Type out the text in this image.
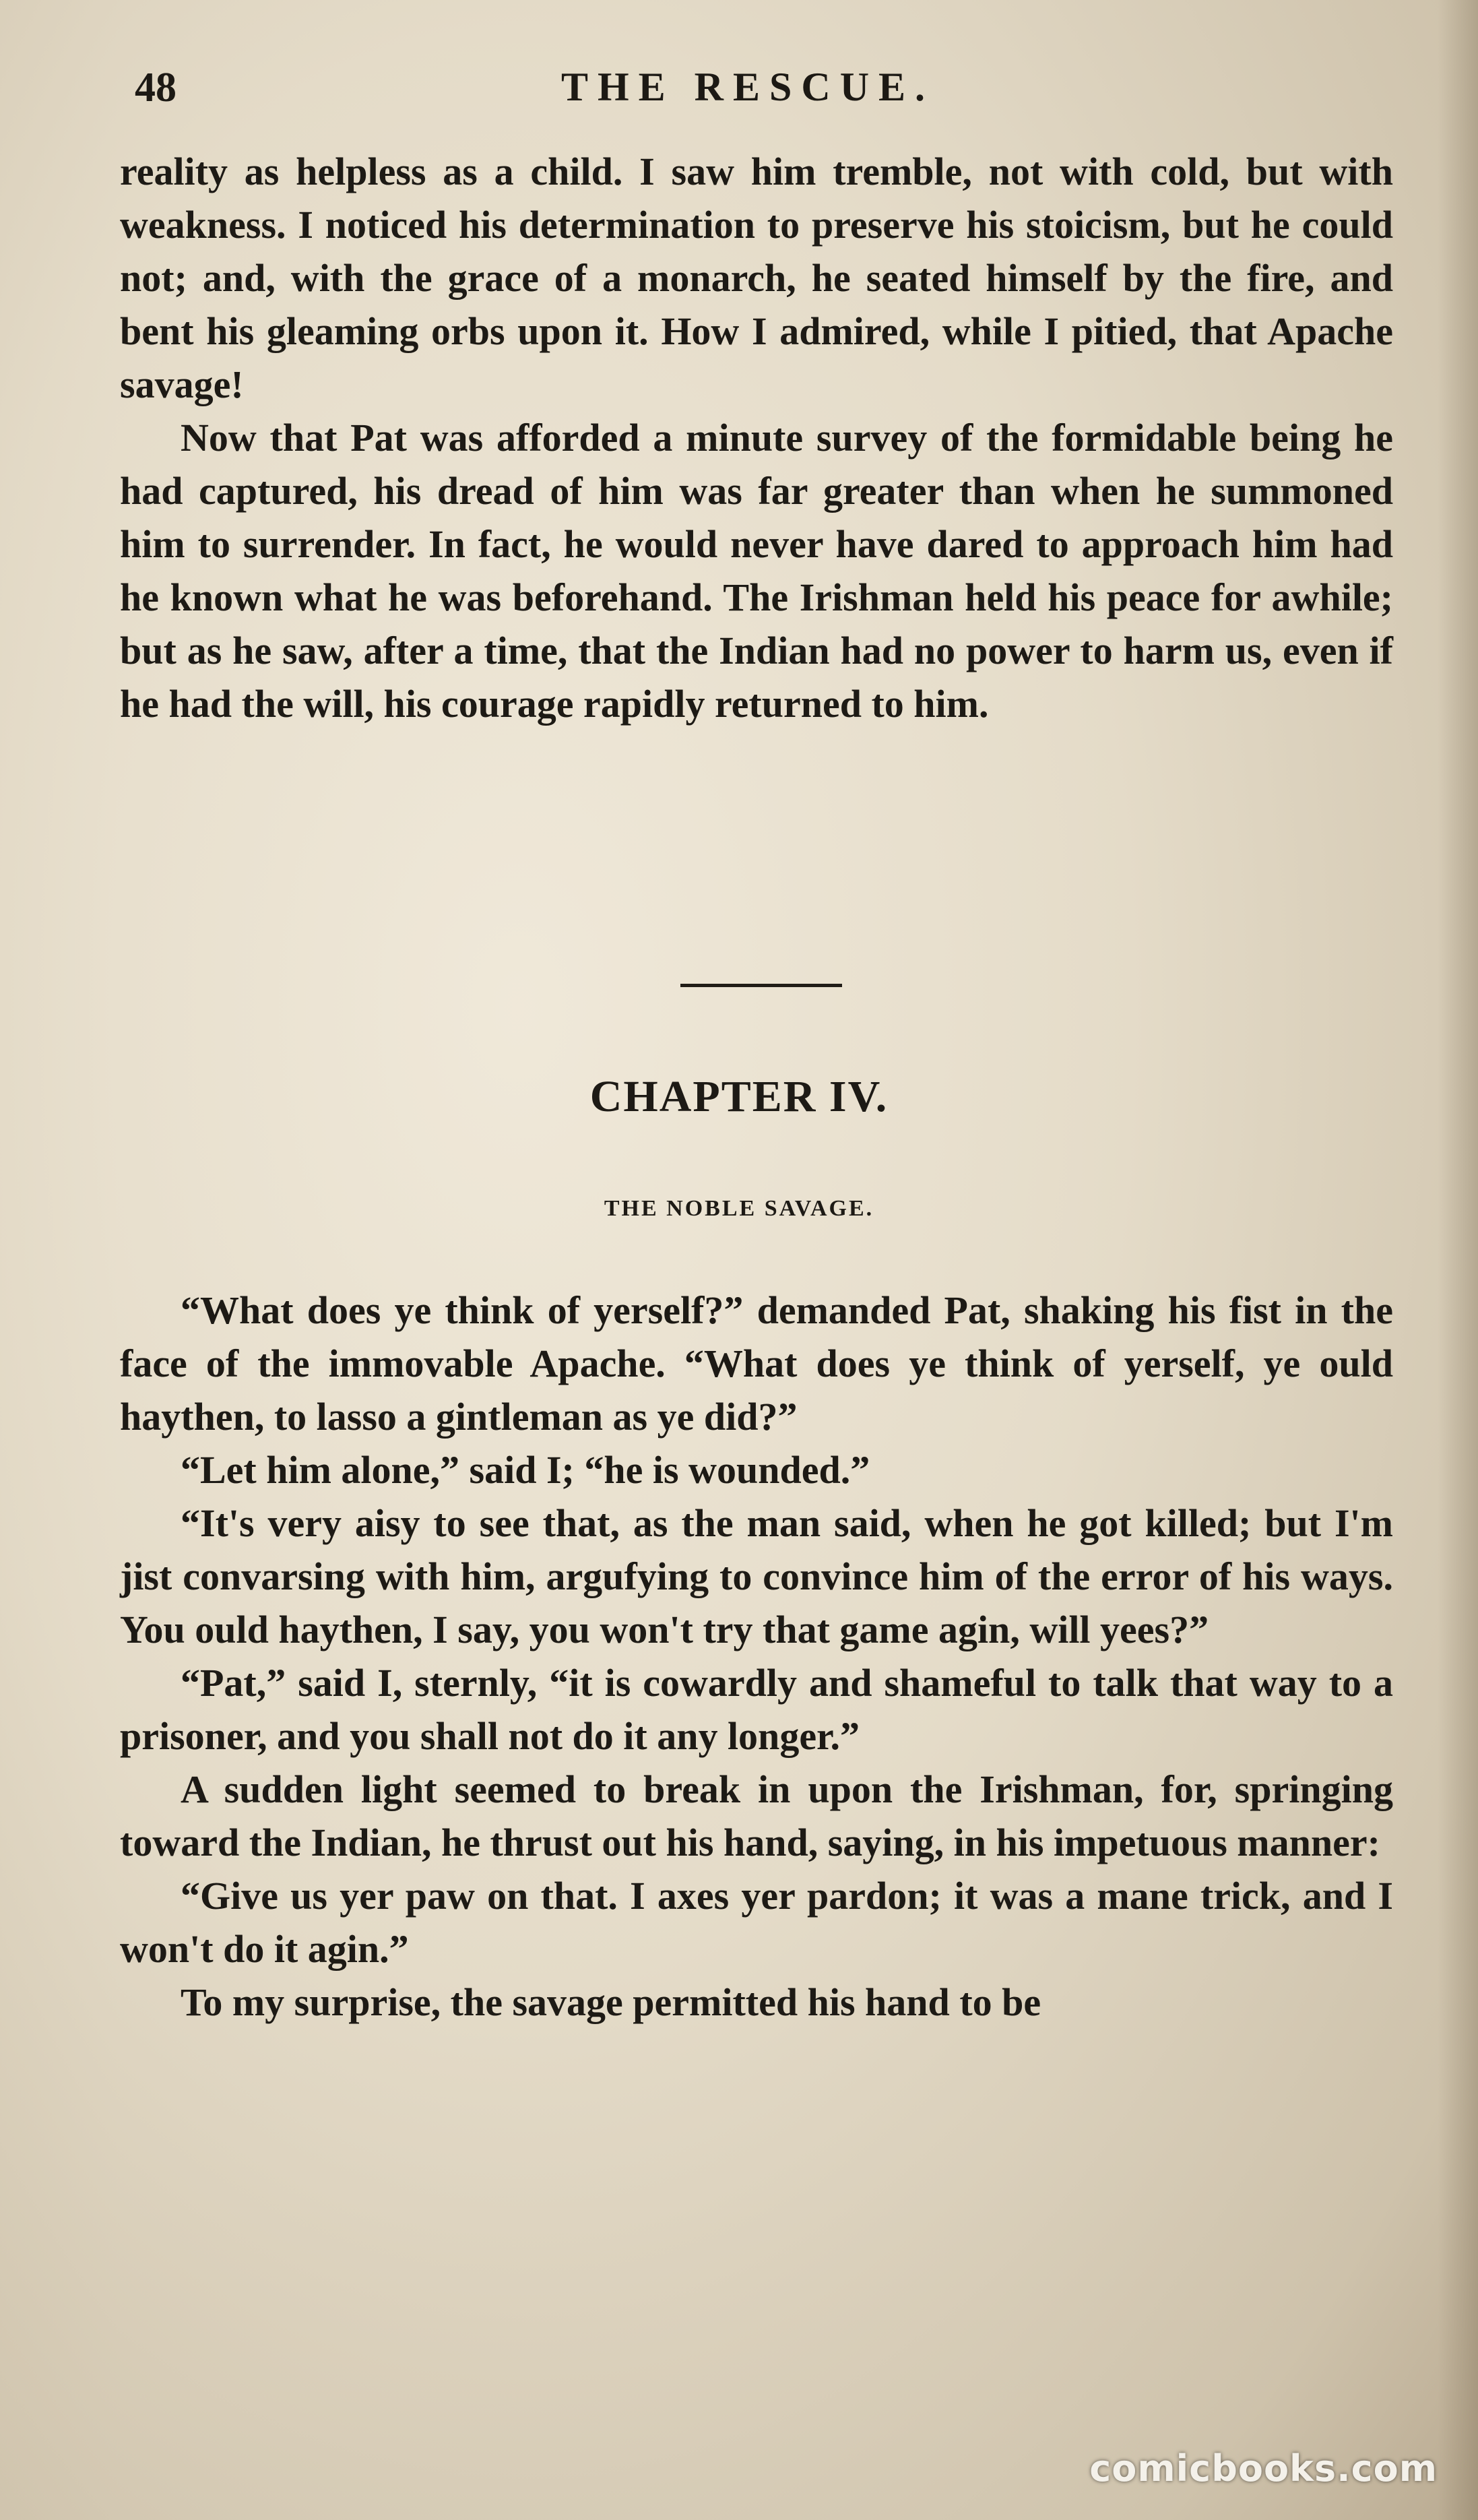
48	THE RESCUE.

reality as helpless as a child. I saw him tremble, not with cold, but with weakness. I noticed his determination to preserve his stoicism, but he could not; and, with the grace of a monarch, he seated himself by the fire, and bent his gleaming orbs upon it. How I admired, while I pitied, that Apache savage!

Now that Pat was afforded a minute survey of the formidable being he had captured, his dread of him was far greater than when he summoned him to surrender. In fact, he would never have dared to approach him had he known what he was beforehand. The Irishman held his peace for awhile; but as he saw, after a time, that the Indian had no power to harm us, even if he had the will, his courage rapidly returned to him.

CHAPTER IV.
THE NOBLE SAVAGE.

“What does ye think of yerself?” demanded Pat, shaking his fist in the face of the immovable Apache. “What does ye think of yerself, ye ould haythen, to lasso a gintleman as ye did?”

“Let him alone,” said I; “he is wounded.”

“It's very aisy to see that, as the man said, when he got killed; but I'm jist convarsing with him, argufying to convince him of the error of his ways. You ould haythen, I say, you won't try that game agin, will yees?”

“Pat,” said I, sternly, “it is cowardly and shameful to talk that way to a prisoner, and you shall not do it any longer.”

A sudden light seemed to break in upon the Irishman, for, springing toward the Indian, he thrust out his hand, saying, in his impetuous manner:

“Give us yer paw on that. I axes yer pardon; it was a mane trick, and I won't do it agin.”

To my surprise, the savage permitted his hand to be

comicbooks.com
